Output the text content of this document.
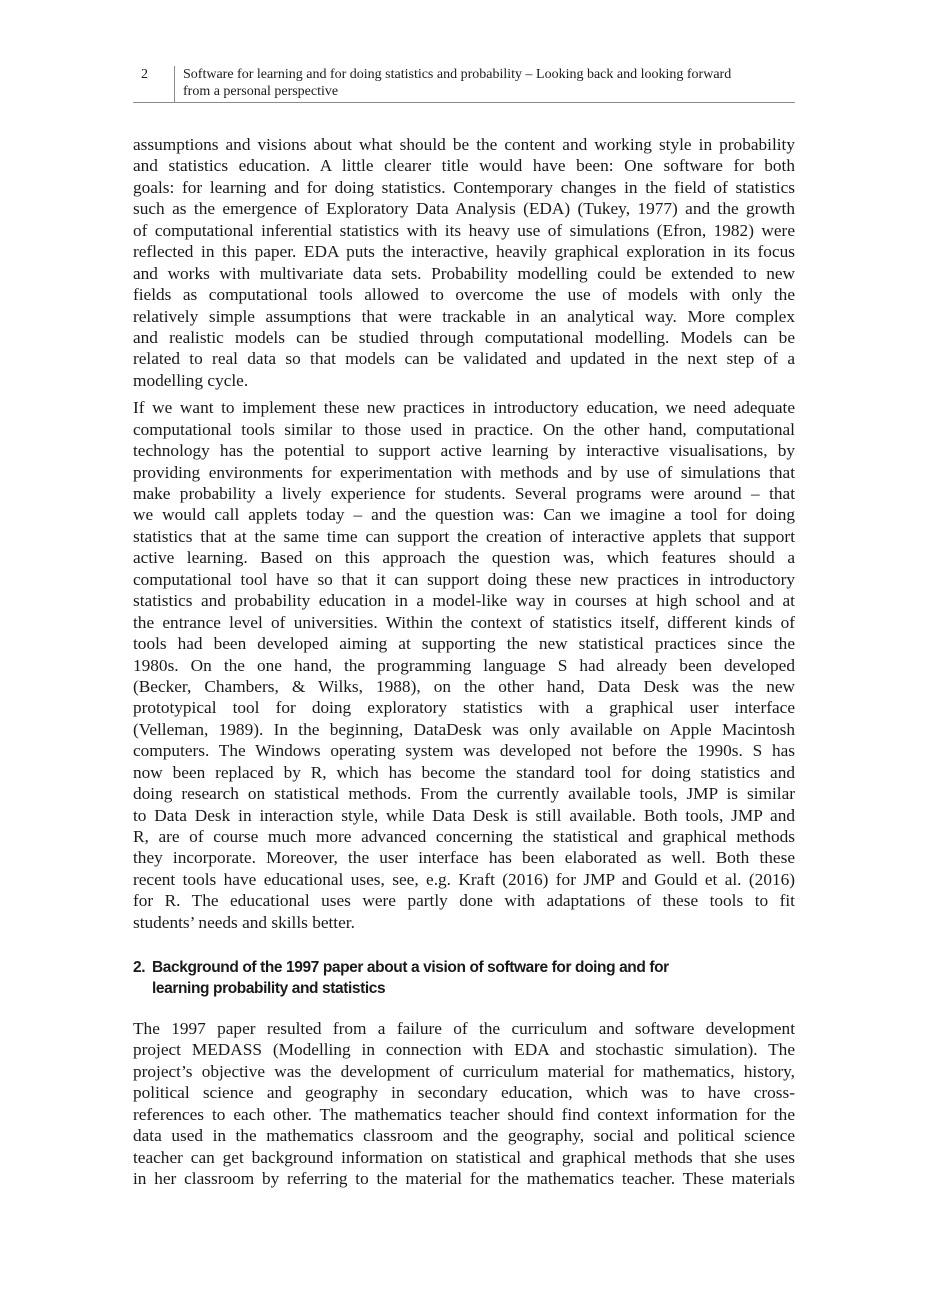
2	Software for learning and for doing statistics and probability – Looking back and looking forward
from a personal perspective
assumptions and visions about what should be the content and working style in probability
and statistics education. A little clearer title would have been: One software for both
goals: for learning and for doing statistics. Contemporary changes in the field of statistics
such as the emergence of Exploratory Data Analysis (EDA) (Tukey, 1977) and the growth
of computational inferential statistics with its heavy use of simulations (Efron, 1982) were
reflected in this paper. EDA puts the interactive, heavily graphical exploration in its focus
and works with multivariate data sets. Probability modelling could be extended to new
fields as computational tools allowed to overcome the use of models with only the
relatively simple assumptions that were trackable in an analytical way. More complex
and realistic models can be studied through computational modelling. Models can be
related to real data so that models can be validated and updated in the next step of a
modelling cycle.
If we want to implement these new practices in introductory education, we need adequate
computational tools similar to those used in practice. On the other hand, computational
technology has the potential to support active learning by interactive visualisations, by
providing environments for experimentation with methods and by use of simulations that
make probability a lively experience for students. Several programs were around – that
we would call applets today – and the question was: Can we imagine a tool for doing
statistics that at the same time can support the creation of interactive applets that support
active learning. Based on this approach the question was, which features should a
computational tool have so that it can support doing these new practices in introductory
statistics and probability education in a model-like way in courses at high school and at
the entrance level of universities. Within the context of statistics itself, different kinds of
tools had been developed aiming at supporting the new statistical practices since the
1980s. On the one hand, the programming language S had already been developed
(Becker, Chambers, & Wilks, 1988), on the other hand, Data Desk was the new
prototypical tool for doing exploratory statistics with a graphical user interface
(Velleman, 1989). In the beginning, DataDesk was only available on Apple Macintosh
computers. The Windows operating system was developed not before the 1990s. S has
now been replaced by R, which has become the standard tool for doing statistics and
doing research on statistical methods. From the currently available tools, JMP is similar
to Data Desk in interaction style, while Data Desk is still available. Both tools, JMP and
R, are of course much more advanced concerning the statistical and graphical methods
they incorporate. Moreover, the user interface has been elaborated as well. Both these
recent tools have educational uses, see, e.g. Kraft (2016) for JMP and Gould et al. (2016)
for R. The educational uses were partly done with adaptations of these tools to fit
students’ needs and skills better.
2. Background of the 1997 paper about a vision of software for doing and for
learning probability and statistics
The 1997 paper resulted from a failure of the curriculum and software development
project MEDASS (Modelling in connection with EDA and stochastic simulation). The
project’s objective was the development of curriculum material for mathematics, history,
political science and geography in secondary education, which was to have cross-
references to each other. The mathematics teacher should find context information for the
data used in the mathematics classroom and the geography, social and political science
teacher can get background information on statistical and graphical methods that she uses
in her classroom by referring to the material for the mathematics teacher. These materials
